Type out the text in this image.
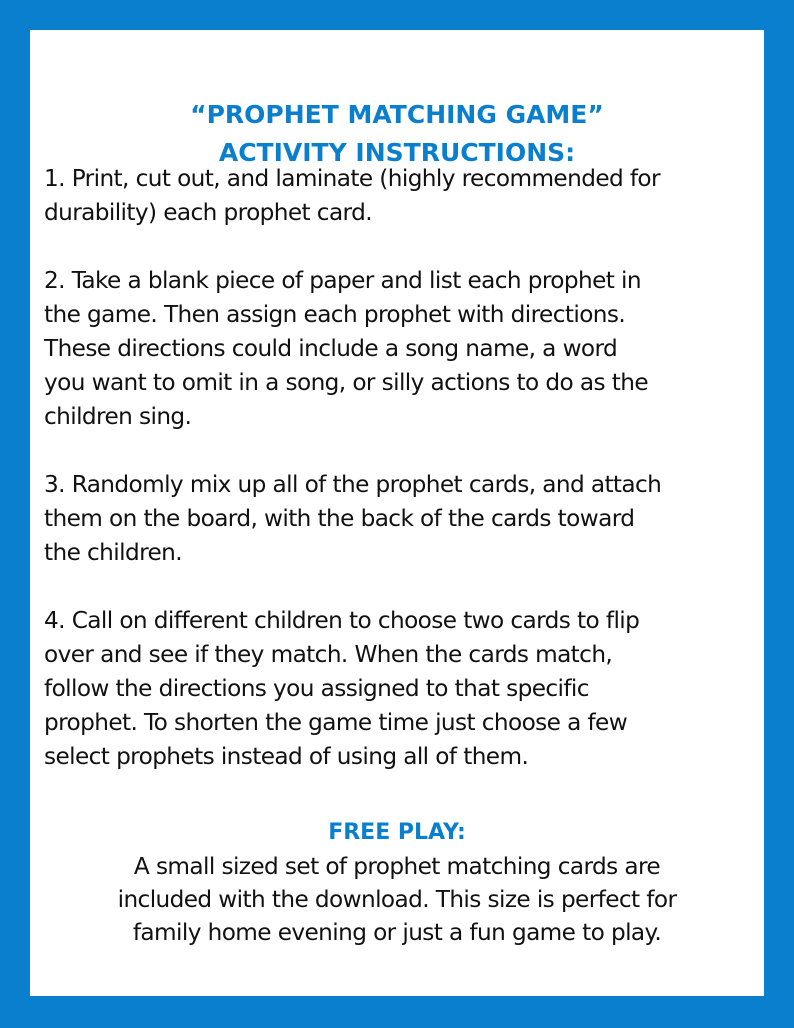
“PROPHET MATCHING GAME”
ACTIVITY INSTRUCTIONS:
1. Print, cut out, and laminate (highly recommended for
durability) each prophet card.
2. Take a blank piece of paper and list each prophet in
the game. Then assign each prophet with directions.
These directions could include a song name, a word
you want to omit in a song, or silly actions to do as the
children sing.
3. Randomly mix up all of the prophet cards, and attach
them on the board, with the back of the cards toward
the children.
4. Call on different children to choose two cards to flip
over and see if they match. When the cards match,
follow the directions you assigned to that specific
prophet. To shorten the game time just choose a few
select prophets instead of using all of them.
FREE PLAY:
A small sized set of prophet matching cards are
included with the download. This size is perfect for
family home evening or just a fun game to play.
